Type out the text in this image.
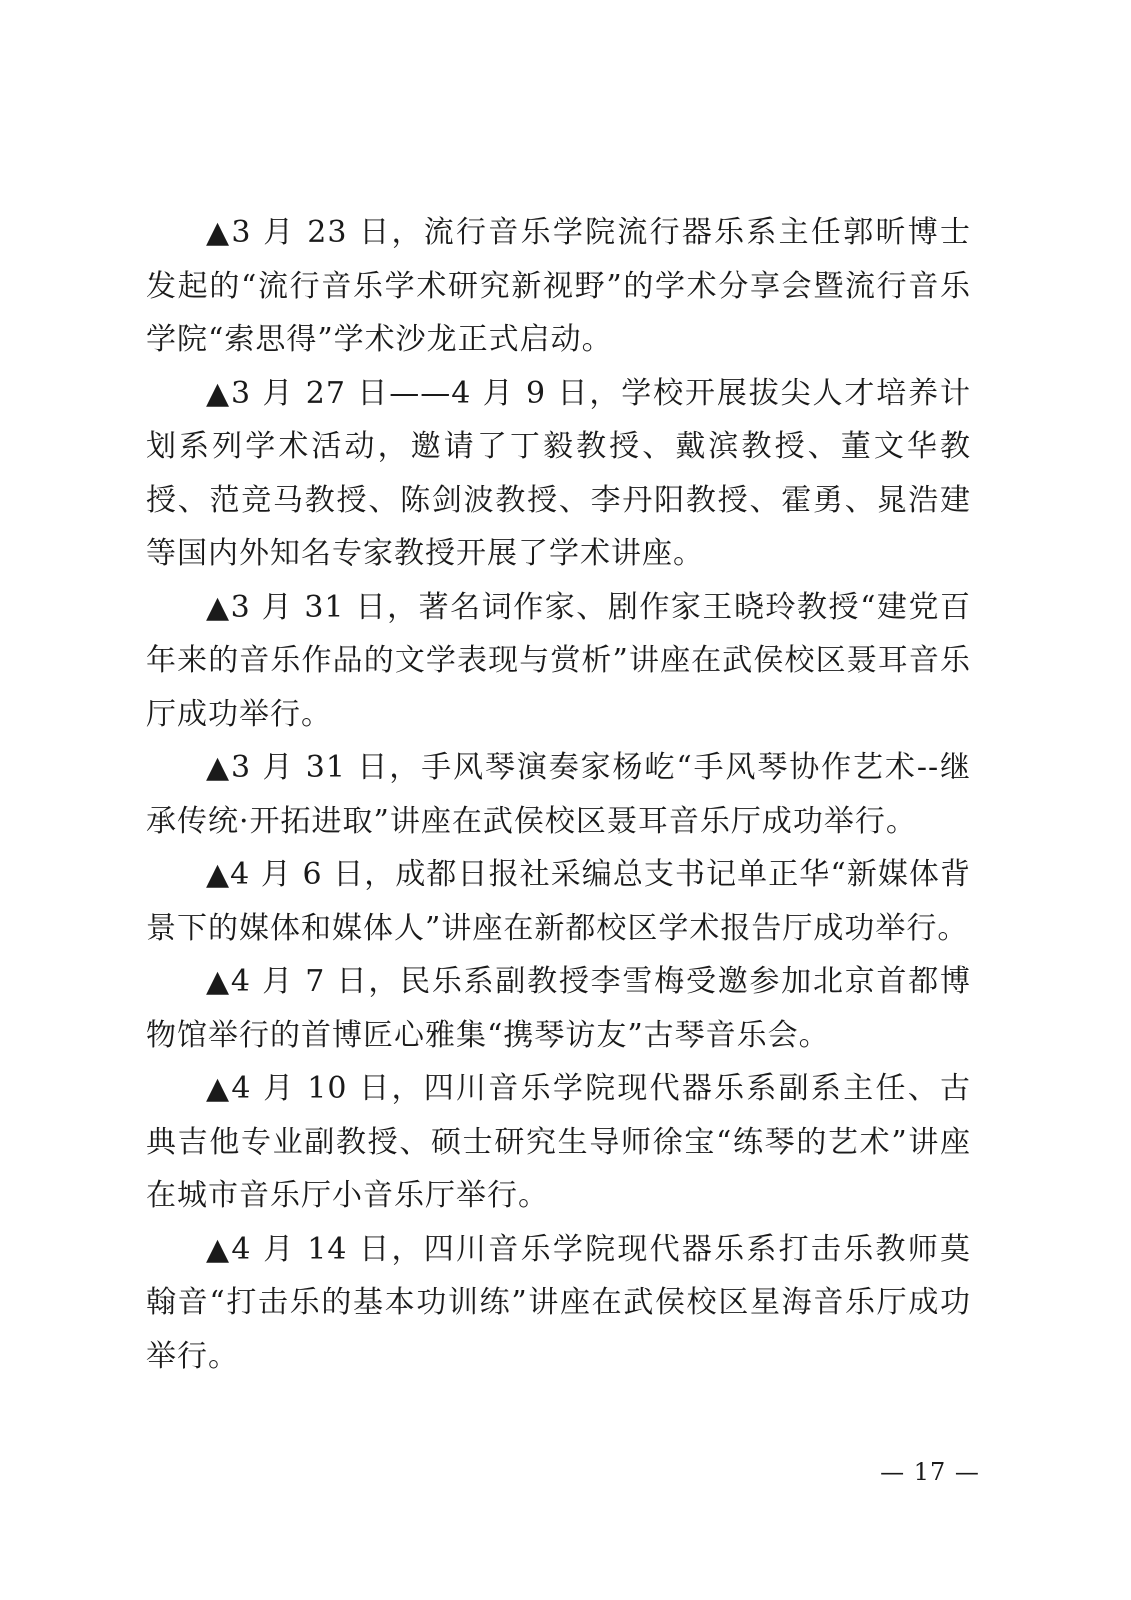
▲3 月 23 日，流行音乐学院流行器乐系主任郭昕博士发起的“流行音乐学术研究新视野”的学术分享会暨流行音乐学院“索思得”学术沙龙正式启动。

▲3 月 27 日——4 月 9 日，学校开展拔尖人才培养计划系列学术活动，邀请了丁毅教授、戴滨教授、董文华教授、范竞马教授、陈剑波教授、李丹阳教授、霍勇、晁浩建等国内外知名专家教授开展了学术讲座。

▲3 月 31 日，著名词作家、剧作家王晓玲教授“建党百年来的音乐作品的文学表现与赏析”讲座在武侯校区聂耳音乐厅成功举行。

▲3 月 31 日，手风琴演奏家杨屹“手风琴协作艺术--继承传统·开拓进取”讲座在武侯校区聂耳音乐厅成功举行。

▲4 月 6 日，成都日报社采编总支书记单正华“新媒体背景下的媒体和媒体人”讲座在新都校区学术报告厅成功举行。

▲4 月 7 日，民乐系副教授李雪梅受邀参加北京首都博物馆举行的首博匠心雅集“携琴访友”古琴音乐会。

▲4 月 10 日，四川音乐学院现代器乐系副系主任、古典吉他专业副教授、硕士研究生导师徐宝“练琴的艺术”讲座在城市音乐厅小音乐厅举行。

▲4 月 14 日，四川音乐学院现代器乐系打击乐教师莫翰音“打击乐的基本功训练”讲座在武侯校区星海音乐厅成功举行。

— 17 —
